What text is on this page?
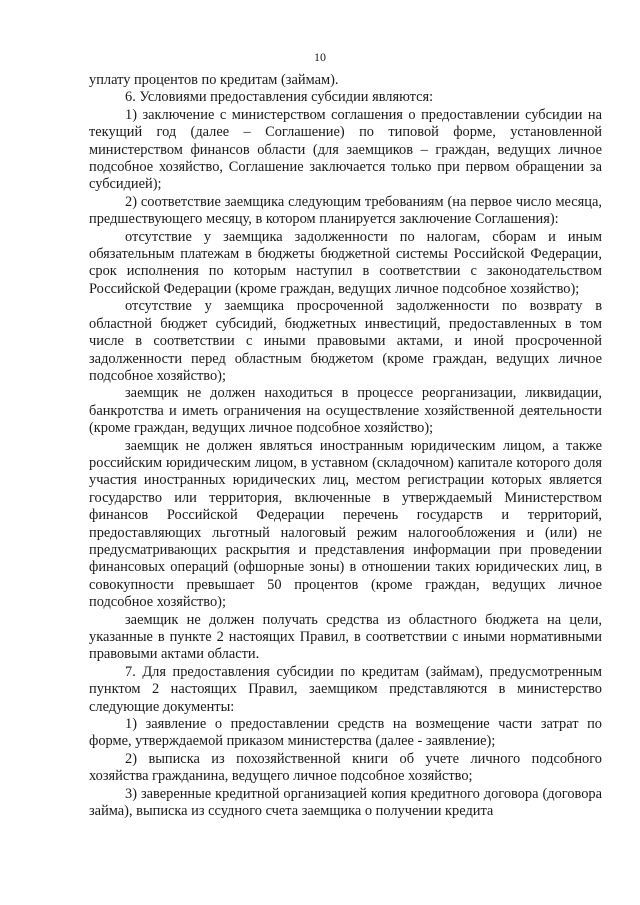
10

уплату процентов по кредитам (займам).

6. Условиями предоставления субсидии являются:

1) заключение с министерством соглашения о предоставлении субсидии на текущий год (далее – Соглашение) по типовой форме, установленной министерством финансов области (для заемщиков – граждан, ведущих личное подсобное хозяйство, Соглашение заключается только при первом обращении за субсидией);

2) соответствие заемщика следующим требованиям (на первое число месяца, предшествующего месяцу, в котором планируется заключение Соглашения):

отсутствие у заемщика задолженности по налогам, сборам и иным обязательным платежам в бюджеты бюджетной системы Российской Федерации, срок исполнения по которым наступил в соответствии с законодательством Российской Федерации (кроме граждан, ведущих личное подсобное хозяйство);

отсутствие у заемщика просроченной задолженности по возврату в областной бюджет субсидий, бюджетных инвестиций, предоставленных в том числе в соответствии с иными правовыми актами, и иной просроченной задолженности перед областным бюджетом (кроме граждан, ведущих личное подсобное хозяйство);

заемщик не должен находиться в процессе реорганизации, ликвидации, банкротства и иметь ограничения на осуществление хозяйственной деятельности (кроме граждан, ведущих личное подсобное хозяйство);

заемщик не должен являться иностранным юридическим лицом, а также российским юридическим лицом, в уставном (складочном) капитале которого доля участия иностранных юридических лиц, местом регистрации которых является государство или территория, включенные в утверждаемый Министерством финансов Российской Федерации перечень государств и территорий, предоставляющих льготный налоговый режим налогообложения и (или) не предусматривающих раскрытия и представления информации при проведении финансовых операций (офшорные зоны) в отношении таких юридических лиц, в совокупности превышает 50 процентов (кроме граждан, ведущих личное подсобное хозяйство);

заемщик не должен получать средства из областного бюджета на цели, указанные в пункте 2 настоящих Правил, в соответствии с иными нормативными правовыми актами области.

7. Для предоставления субсидии по кредитам (займам), предусмотренным пунктом 2 настоящих Правил, заемщиком представляются в министерство следующие документы:

1) заявление о предоставлении средств на возмещение части затрат по форме, утверждаемой приказом министерства (далее - заявление);

2) выписка из похозяйственной книги об учете личного подсобного хозяйства гражданина, ведущего личное подсобное хозяйство;

3) заверенные кредитной организацией копия кредитного договора (договора займа), выписка из ссудного счета заемщика о получении кредита
